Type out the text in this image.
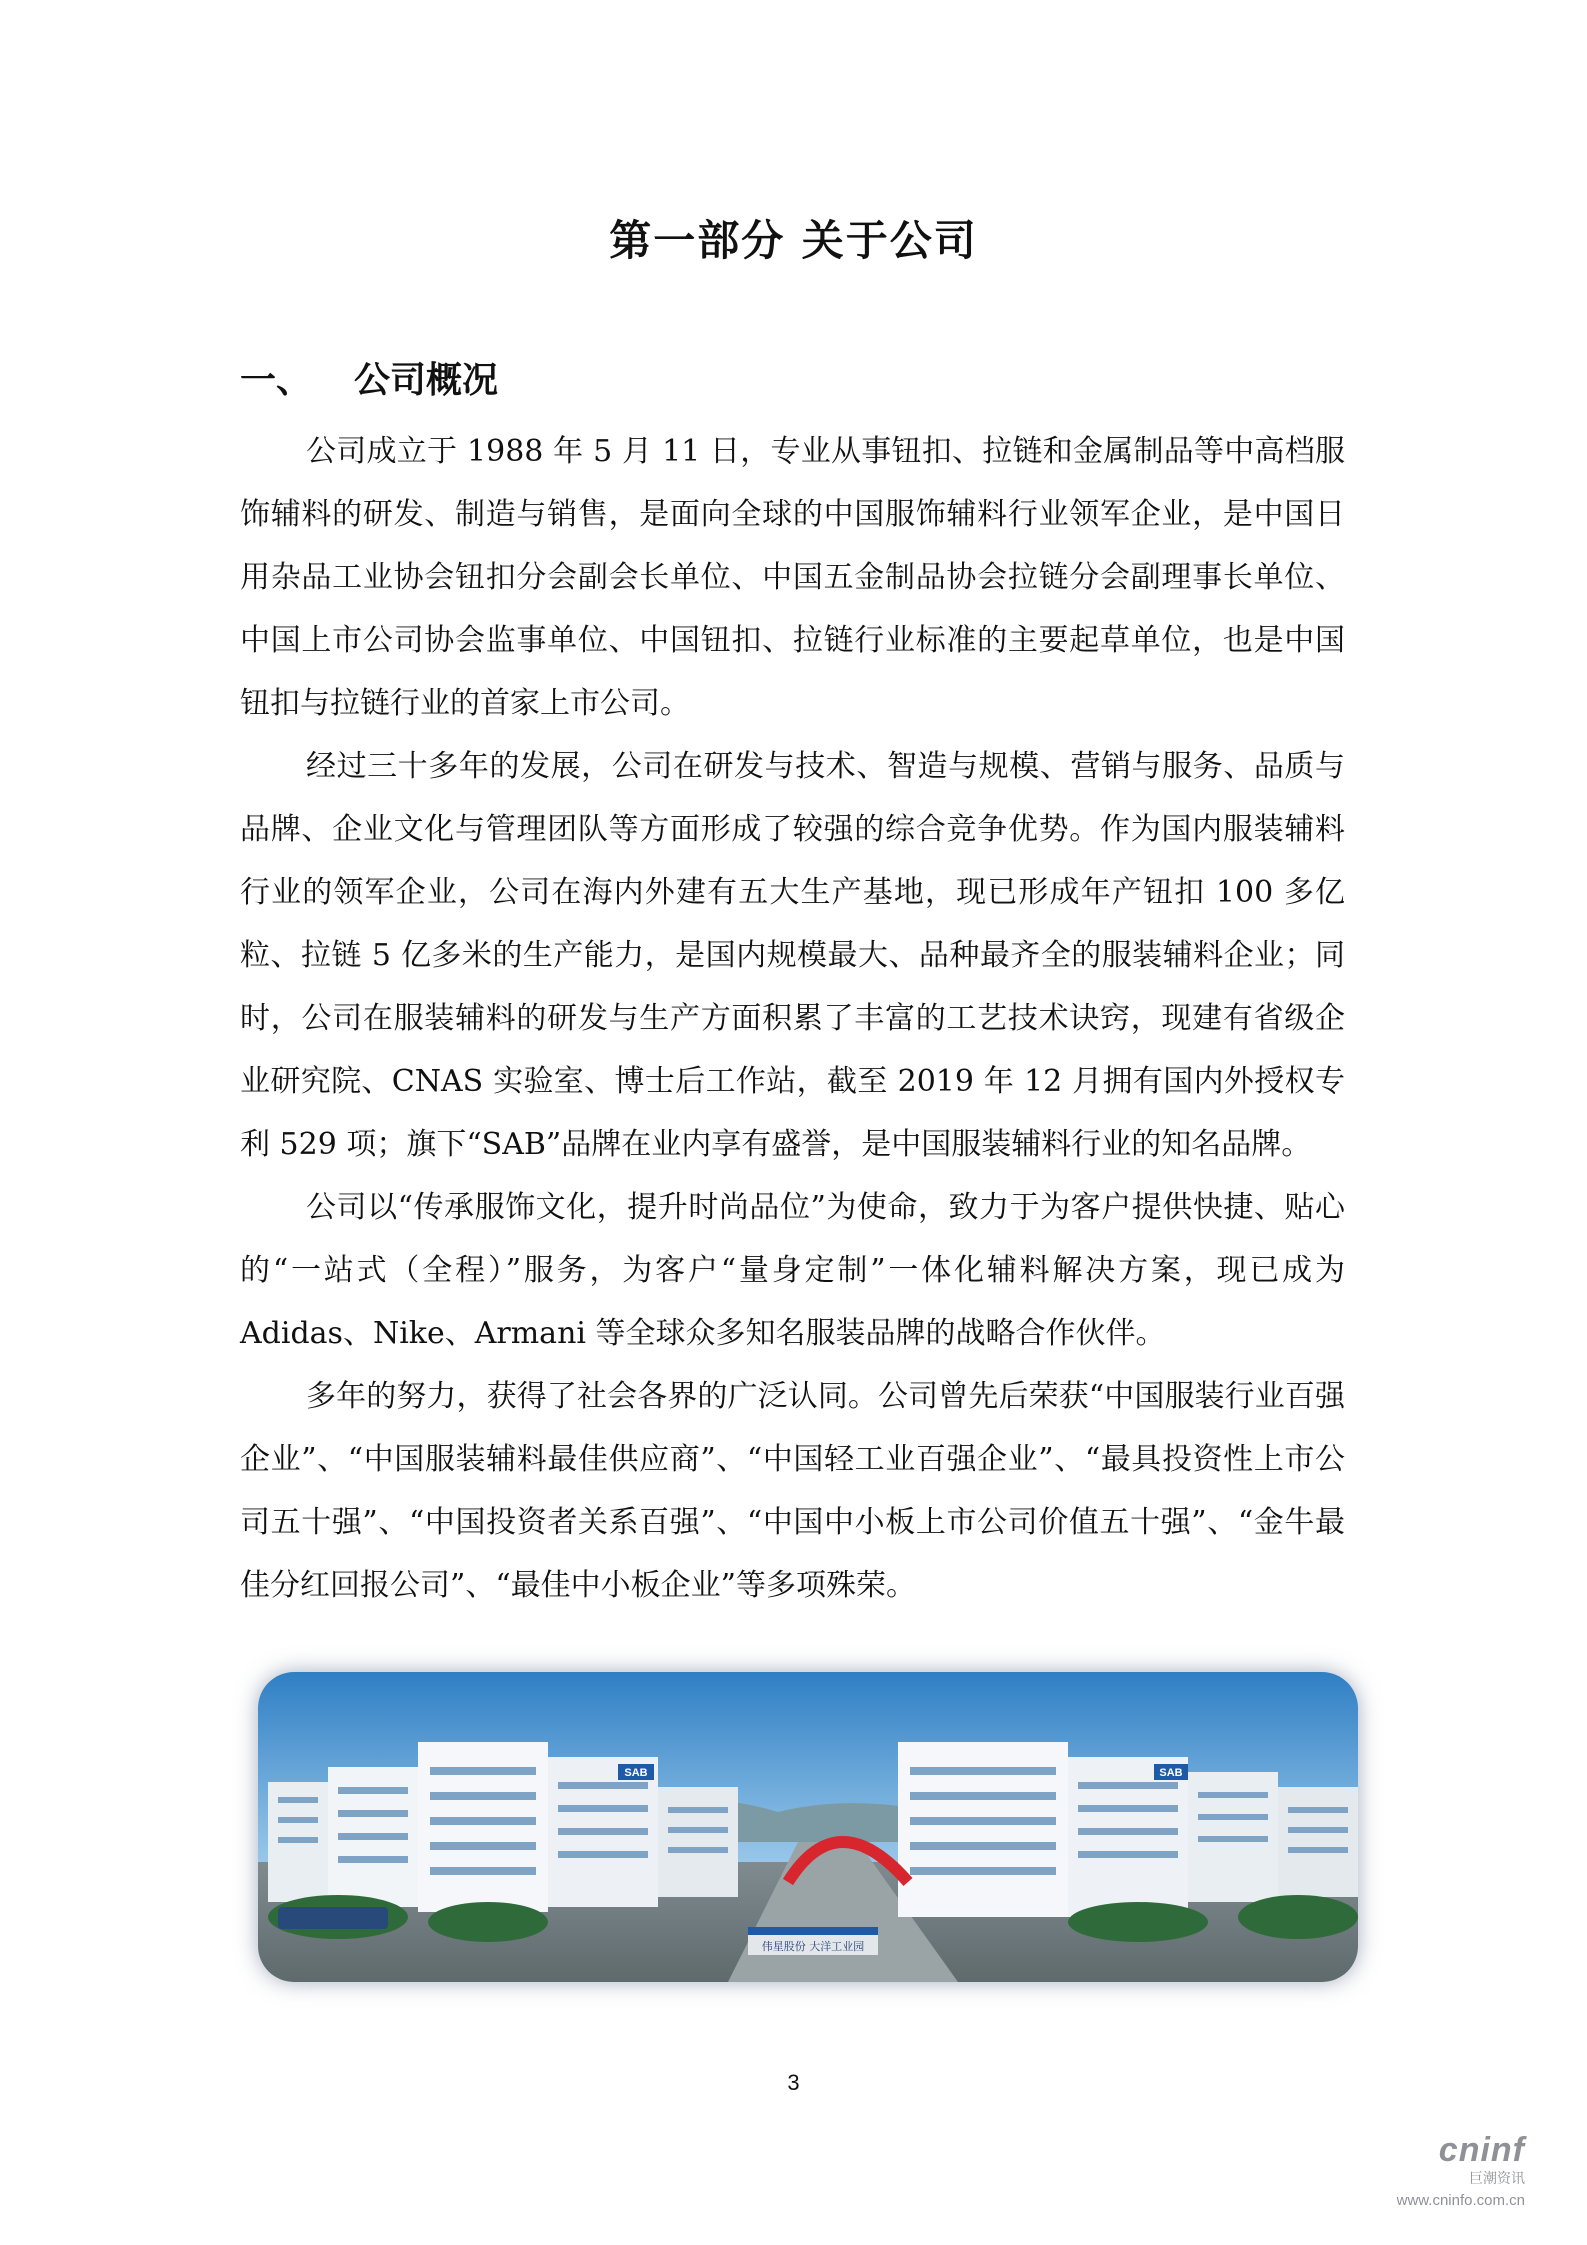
第一部分 关于公司
一、 公司概况

公司成立于 1988 年 5 月 11 日，专业从事钮扣、拉链和金属制品等中高档服饰辅料的研发、制造与销售，是面向全球的中国服饰辅料行业领军企业，是中国日用杂品工业协会钮扣分会副会长单位、中国五金制品协会拉链分会副理事长单位、中国上市公司协会监事单位、中国钮扣、拉链行业标准的主要起草单位，也是中国钮扣与拉链行业的首家上市公司。

经过三十多年的发展，公司在研发与技术、智造与规模、营销与服务、品质与品牌、企业文化与管理团队等方面形成了较强的综合竞争优势。作为国内服装辅料行业的领军企业，公司在海内外建有五大生产基地，现已形成年产钮扣 100 多亿粒、拉链 5 亿多米的生产能力，是国内规模最大、品种最齐全的服装辅料企业；同时，公司在服装辅料的研发与生产方面积累了丰富的工艺技术诀窍，现建有省级企业研究院、CNAS 实验室、博士后工作站，截至 2019 年 12 月拥有国内外授权专利 529 项；旗下“SAB”品牌在业内享有盛誉，是中国服装辅料行业的知名品牌。

公司以“传承服饰文化，提升时尚品位”为使命，致力于为客户提供快捷、贴心的“一站式（全程）”服务，为客户“量身定制”一体化辅料解决方案，现已成为 Adidas、Nike、Armani 等全球众多知名服装品牌的战略合作伙伴。

多年的努力，获得了社会各界的广泛认同。公司曾先后荣获“中国服装行业百强企业”、“中国服装辅料最佳供应商”、“中国轻工业百强企业”、“最具投资性上市公司五十强”、“中国投资者关系百强”、“中国中小板上市公司价值五十强”、“金牛最佳分红回报公司”、“最佳中小板企业”等多项殊荣。

SAB	SAB
伟星股份 大洋工业园
3
cninf
巨潮资讯
www.cninfo.com.cn
